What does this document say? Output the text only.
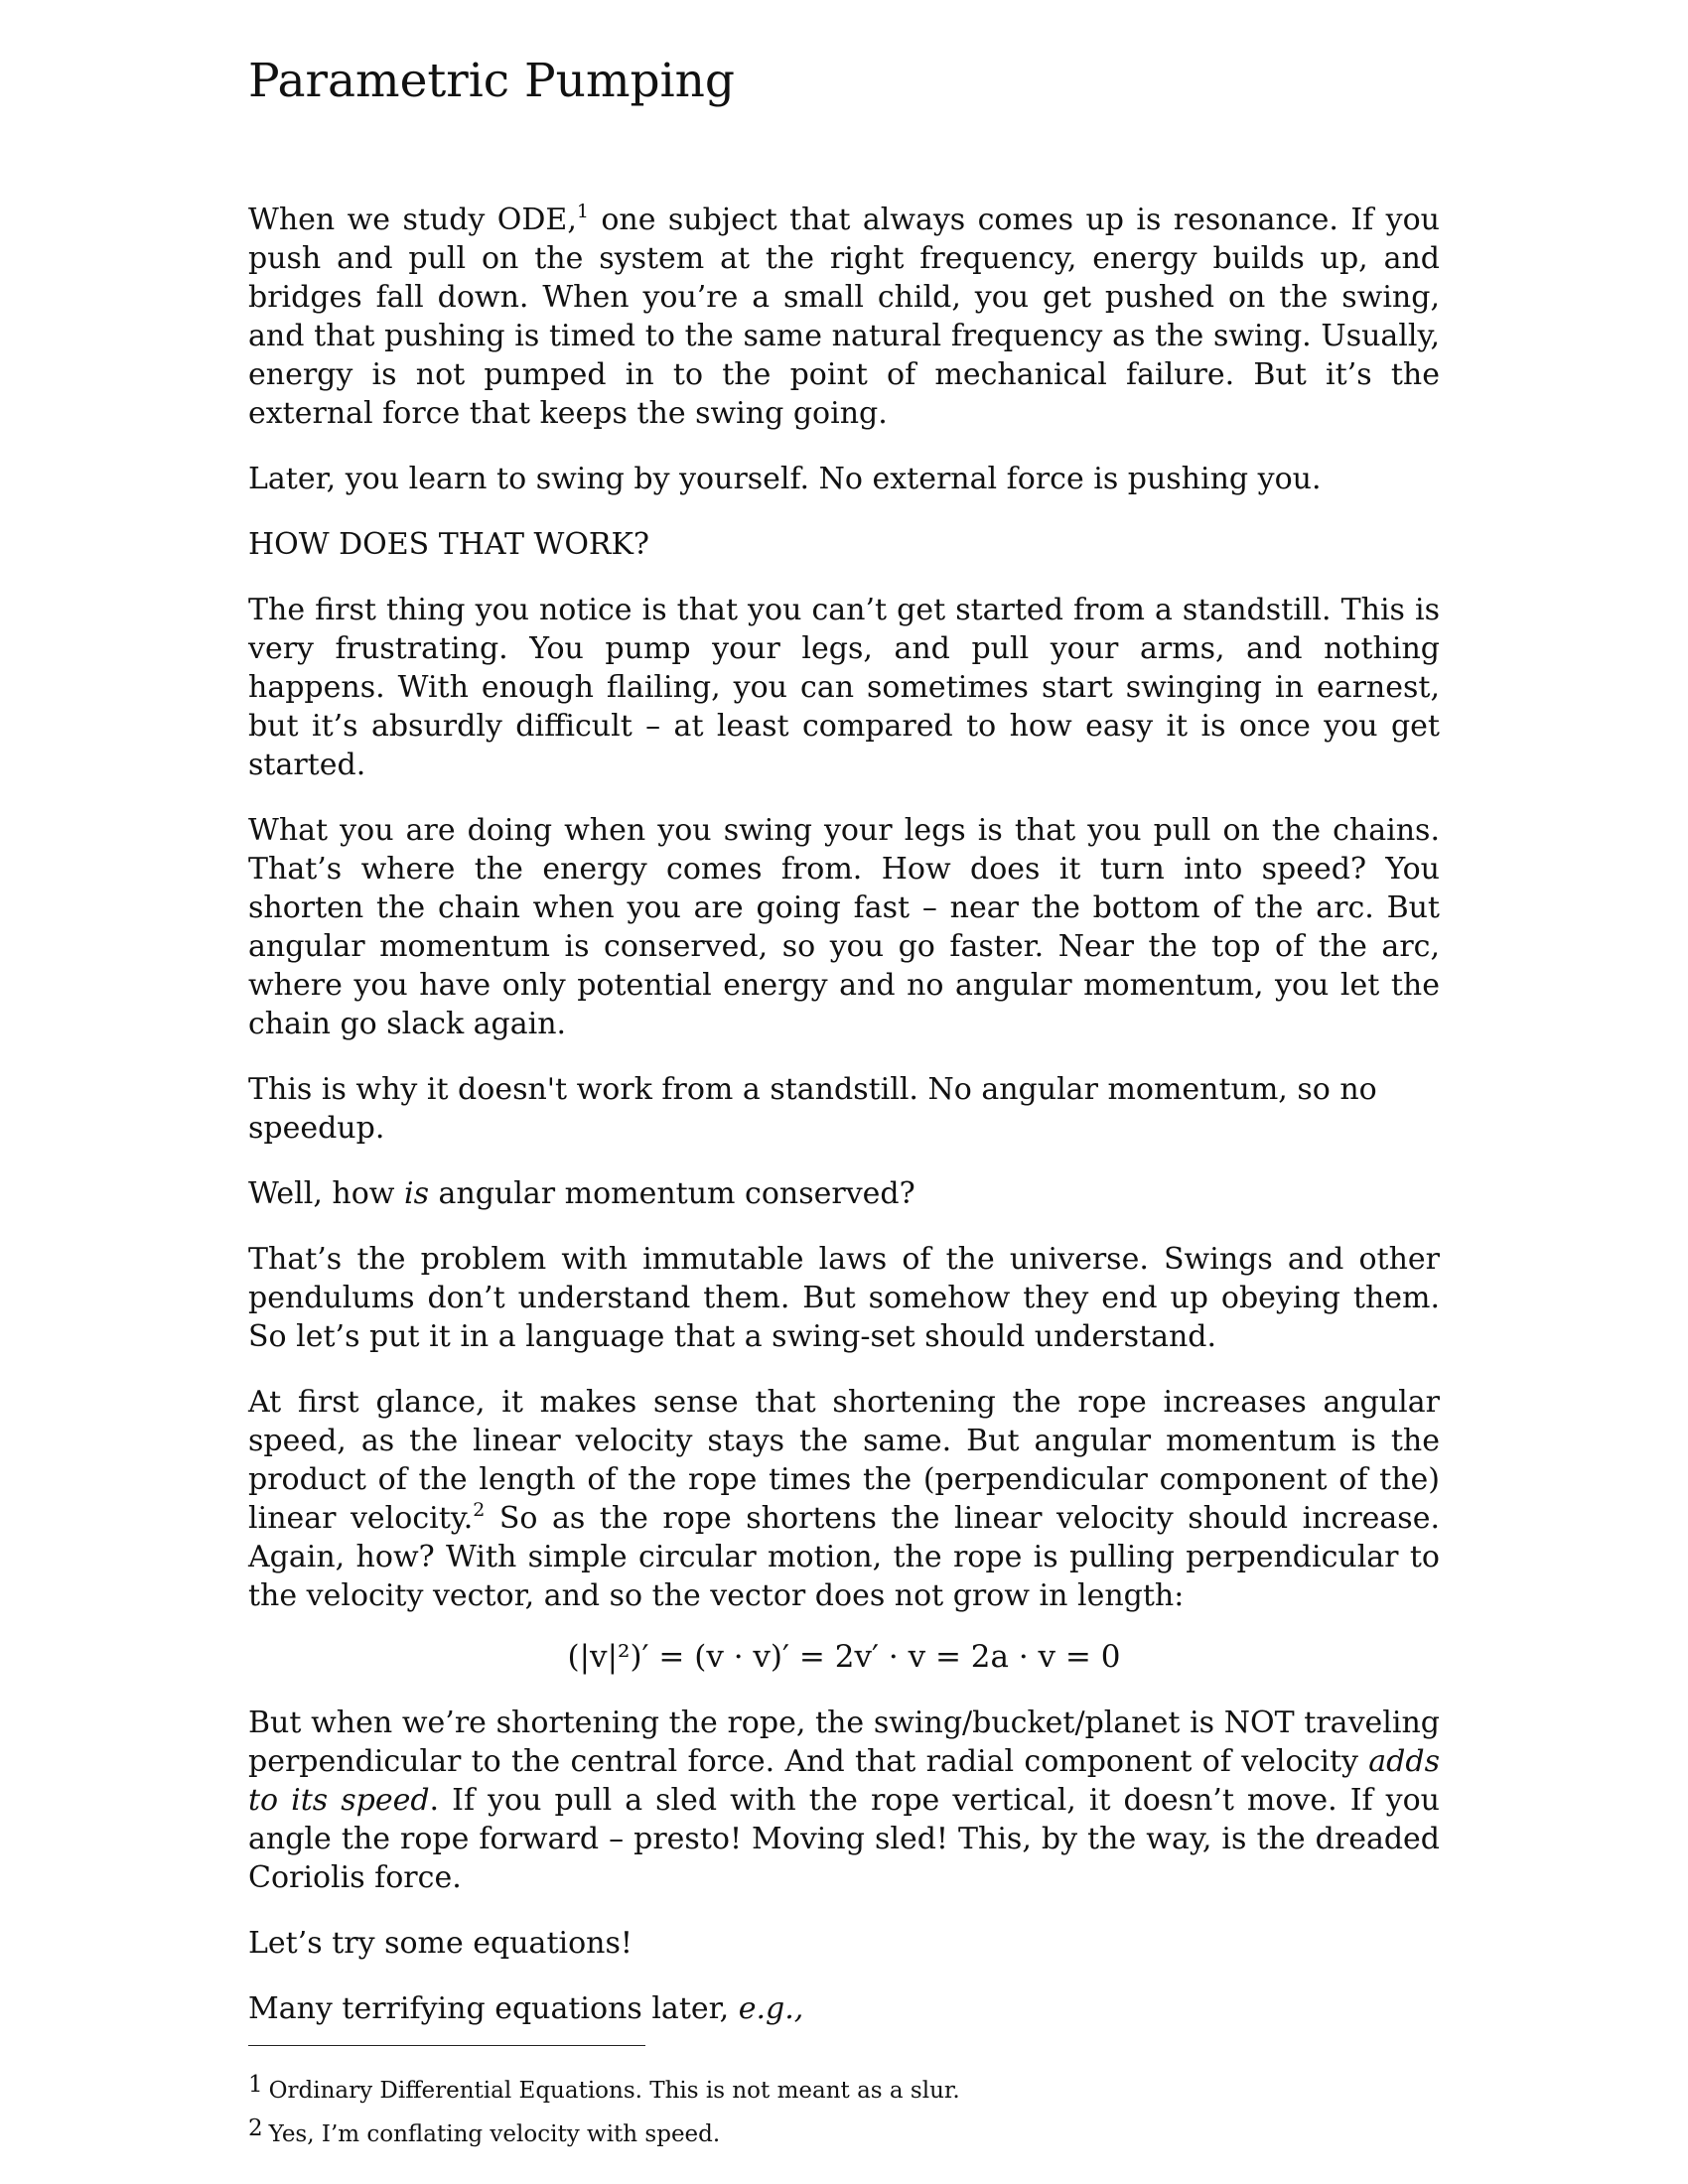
Parametric Pumping

When we study ODE,$^1$ one subject that always comes up is resonance. If you push and pull on the system at the right frequency, energy builds up, and bridges fall down. When you’re a small child, you get pushed on the swing, and that pushing is timed to the same natural frequency as the swing. Usually, energy is not pumped in to the point of mechanical failure. But it’s the external force that keeps the swing going.

Later, you learn to swing by yourself. No external force is pushing you.

HOW DOES THAT WORK?

The first thing you notice is that you can’t get started from a standstill. This is very frustrating. You pump your legs, and pull your arms, and nothing happens. With enough flailing, you can sometimes start swinging in earnest, but it’s absurdly difficult – at least compared to how easy it is once you get started.

What you are doing when you swing your legs is that you pull on the chains. That’s where the energy comes from. How does it turn into speed? You shorten the chain when you are going fast – near the bottom of the arc. But angular momentum is conserved, so you go faster. Near the top of the arc, where you have only potential energy and no angular momentum, you let the chain go slack again.

This is why it doesn't work from a standstill. No angular momentum, so no speedup.

Well, how is angular momentum conserved?

That’s the problem with immutable laws of the universe. Swings and other pendulums don’t understand them. But somehow they end up obeying them. So let’s put it in a language that a swing-set should understand.

At first glance, it makes sense that shortening the rope increases angular speed, as the linear velocity stays the same. But angular momentum is the product of the length of the rope times the (perpendicular component of the) linear velocity.$^2$ So as the rope shortens the linear velocity should increase. Again, how? With simple circular motion, the rope is pulling perpendicular to the velocity vector, and so the vector does not grow in length:

(|v|²)′ = (v · v)′ = 2v′ · v = 2a · v = 0

But when we’re shortening the rope, the swing/bucket/planet is NOT traveling perpendicular to the central force. And that radial component of velocity adds to its speed. If you pull a sled with the rope vertical, it doesn’t move. If you angle the rope forward – presto! Moving sled! This, by the way, is the dreaded Coriolis force.

Let’s try some equations!

Many terrifying equations later, e.g.,

1 Ordinary Differential Equations. This is not meant as a slur.

2 Yes, I’m conflating velocity with speed.
